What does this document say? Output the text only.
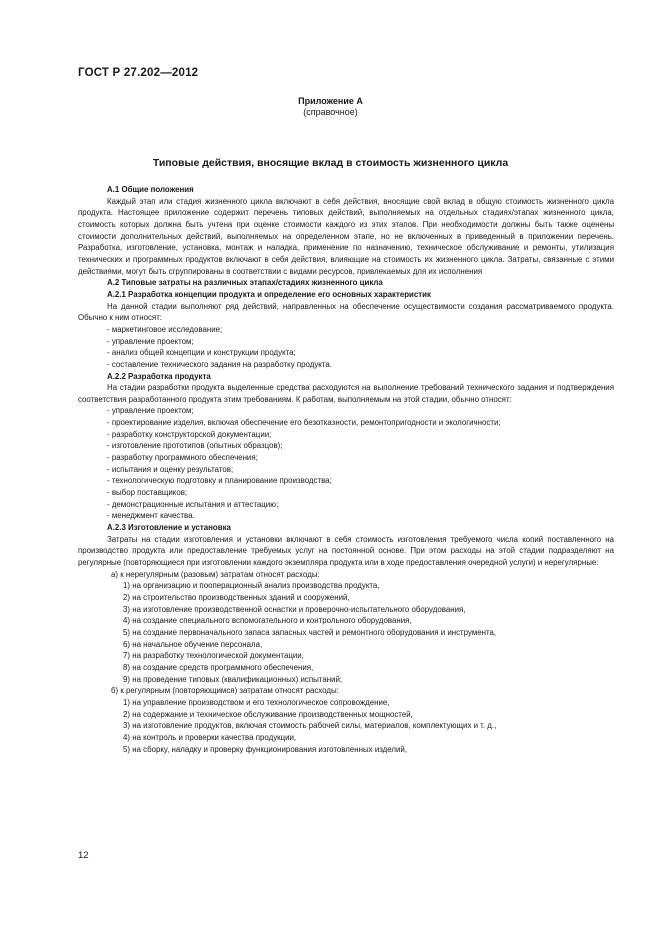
ГОСТ Р 27.202—2012
Приложение А
(справочное)
Типовые действия, вносящие вклад в стоимость жизненного цикла

А.1 Общие положения

Каждый этап или стадия жизненного цикла включают в себя действия, вносящие свой вклад в общую стоимость жизненного цикла продукта. Настоящее приложение содержит перечень типовых действий, выполняемых на отдельных стадиях/этапах жизненного цикла, стоимость которых должна быть учтена при оценке стоимости каждого из этих этапов. При необходимости должны быть также оценены стоимости дополнительных действий, выполняемых на определенном этапе, но не включенных в приведенный в приложении перечень. Разработка, изготовление, установка, монтаж и наладка, применение по назначению, техническое обслуживание и ремонты, утилизация технических и программных продуктов включают в себя действия, влияющие на стоимость их жизненного цикла. Затраты, связанные с этими действиями, могут быть сгруппированы в соответствии с видами ресурсов, привлекаемых для их исполнения

А.2 Типовые затраты на различных этапах/стадиях жизненного цикла

А.2.1 Разработка концепции продукта и определение его основных характеристик

На данной стадии выполняют ряд действий, направленных на обеспечение осуществимости создания рассматриваемого продукта. Обычно к ним относят:

- маркетинговое исследование;

- управление проектом;

- анализ общей концепции и конструкции продукта;

- составление технического задания на разработку продукта.

А.2.2 Разработка продукта

На стадии разработки продукта выделенные средства расходуются на выполнение требований технического задания и подтверждения соответствия разработанного продукта этим требованиям. К работам, выполняемым на этой стадии, обычно относят:

- управление проектом;

- проектирование изделия, включая обеспечение его безотказности, ремонтопригодности и экологичности;

- разработку конструкторской документации;

- изготовление прототипов (опытных образцов);

- разработку программного обеспечения;

- испытания и оценку результатов;

- технологическую подготовку и планирование производства;

- выбор поставщиков;

- демонстрационные испытания и аттестацию;

- менеджмент качества.

А.2.3 Изготовление и установка

Затраты на стадии изготовления и установки включают в себя стоимость изготовления требуемого числа копий поставленного на производство продукта или предоставление требуемых услуг на постоянной основе. При этом расходы на этой стадии подразделяют на регулярные (повторяющиеся при изготовлении каждого экземпляра продукта или в ходе предоставления очередной услуги) и нерегулярные:

а) к нерегулярным (разовым) затратам относят расходы:

1) на организацию и пооперационный анализ производства продукта,

2) на строительство производственных зданий и сооружений,

3) на изготовление производственной оснастки и проверочно-испытательного оборудования,

4) на создание специального вспомогательного и контрольного оборудования,

5) на создание первоначального запаса запасных частей и ремонтного оборудования и инструмента,

6) на начальное обучение персонала,

7) на разработку технологической документации,

8) на создание средств программного обеспечения,

9) на проведение типовых (квалификационных) испытаний;

б) к регулярным (повторяющимся) затратам относят расходы:

1) на управление производством и его технологическое сопровождение,

2) на содержание и техническое обслуживание производственных мощностей,

3) на изготовление продуктов, включая стоимость рабочей силы, материалов, комплектующих и т. д.,

4) на контроль и проверки качества продукции,

5) на сборку, наладку и проверку функционирования изготовленных изделий,

12
